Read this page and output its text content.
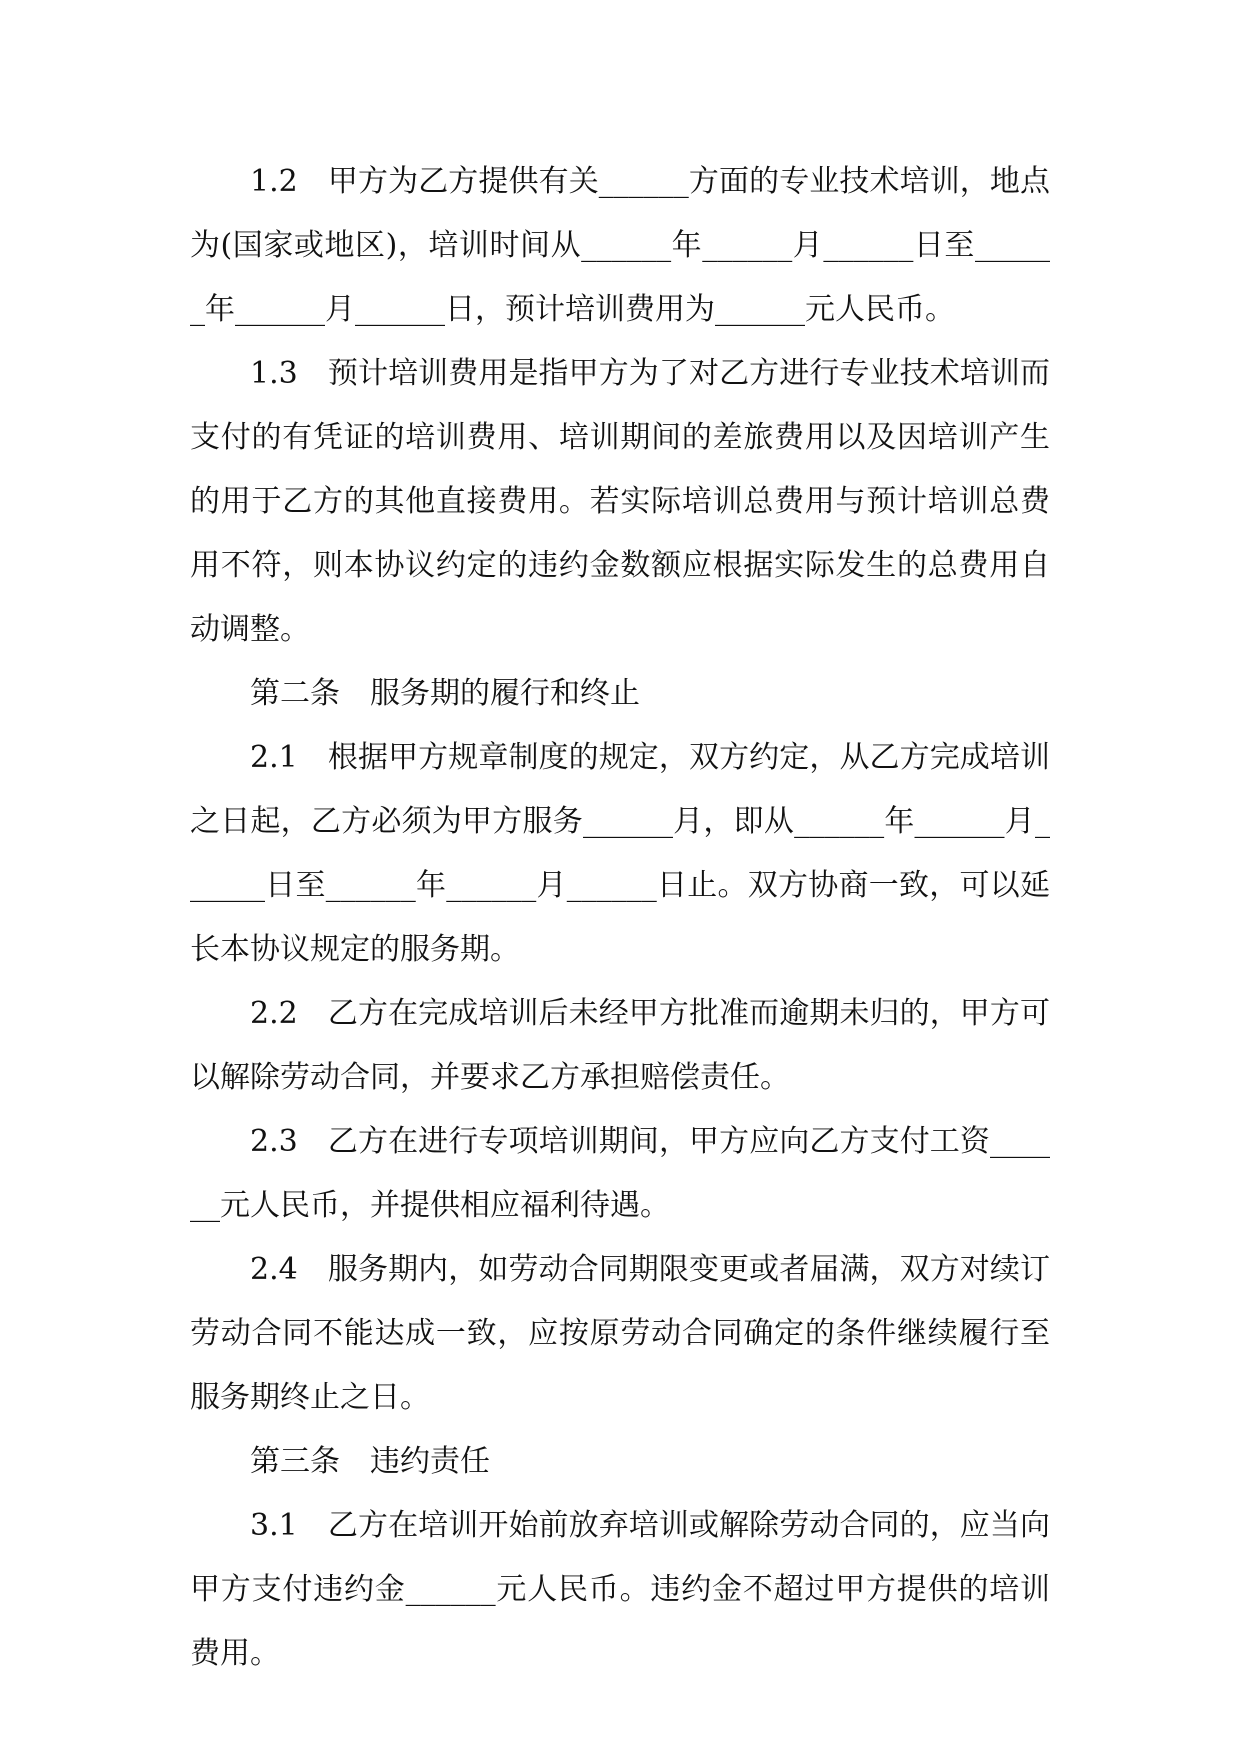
1.2　甲方为乙方提供有关______方面的专业技术培训，地点为(国家或地区)，培训时间从______年______月______日至______年______月______日，预计培训费用为______元人民币。

1.3　预计培训费用是指甲方为了对乙方进行专业技术培训而支付的有凭证的培训费用、培训期间的差旅费用以及因培训产生的用于乙方的其他直接费用。若实际培训总费用与预计培训总费用不符，则本协议约定的违约金数额应根据实际发生的总费用自动调整。

第二条　服务期的履行和终止

2.1　根据甲方规章制度的规定，双方约定，从乙方完成培训之日起，乙方必须为甲方服务______月，即从______年______月______日至______年______月______日止。双方协商一致，可以延长本协议规定的服务期。

2.2　乙方在完成培训后未经甲方批准而逾期未归的，甲方可以解除劳动合同，并要求乙方承担赔偿责任。

2.3　乙方在进行专项培训期间，甲方应向乙方支付工资______元人民币，并提供相应福利待遇。

2.4　服务期内，如劳动合同期限变更或者届满，双方对续订劳动合同不能达成一致，应按原劳动合同确定的条件继续履行至服务期终止之日。

第三条　违约责任

3.1　乙方在培训开始前放弃培训或解除劳动合同的，应当向甲方支付违约金______元人民币。违约金不超过甲方提供的培训费用。
